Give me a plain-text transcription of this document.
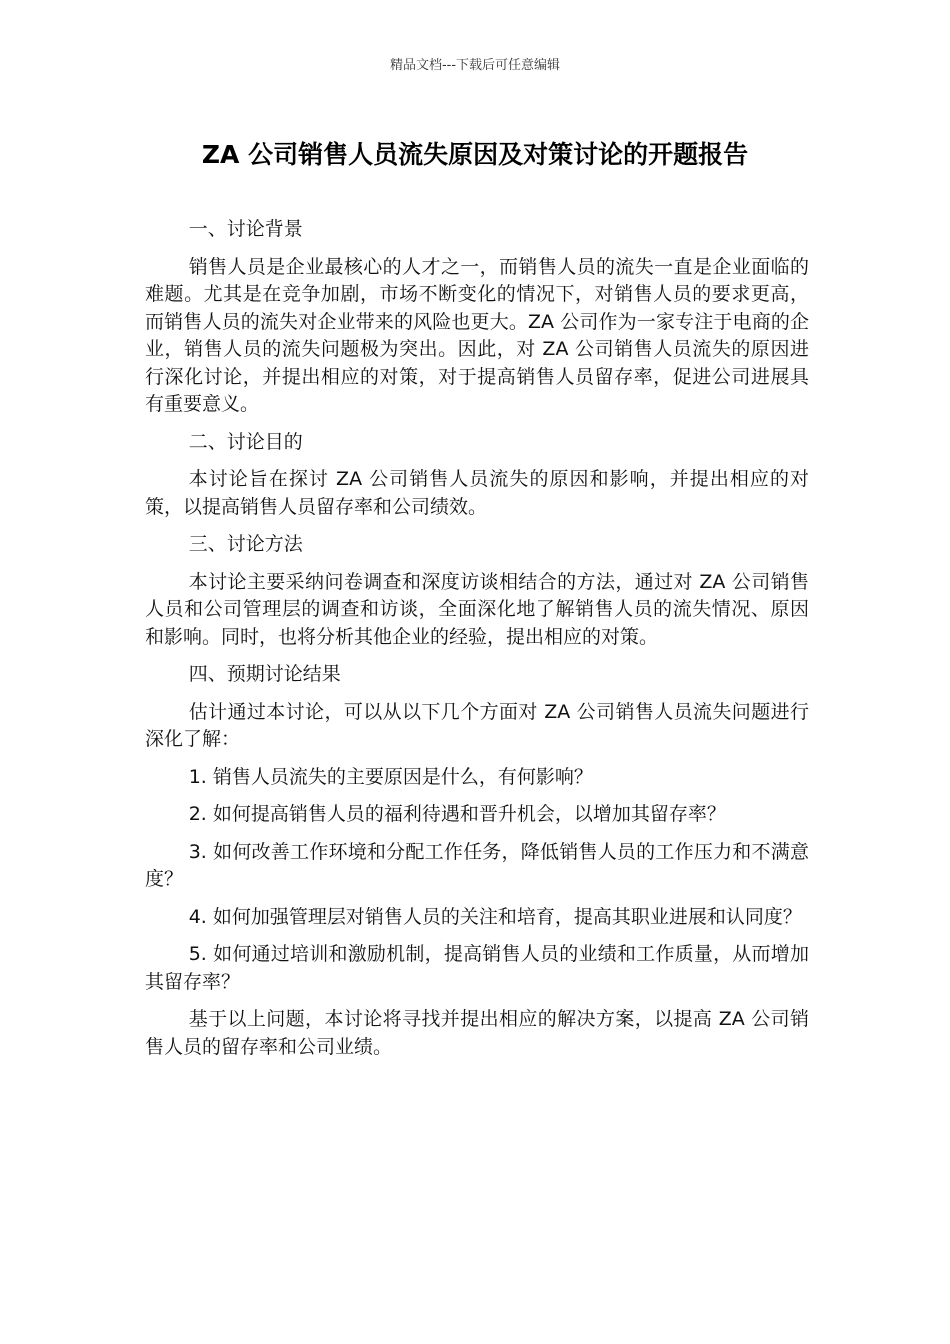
精品文档---下载后可任意编辑
ZA 公司销售人员流失原因及对策讨论的开题报告

一、讨论背景

销售人员是企业最核心的人才之一，而销售人员的流失一直是企业面临的难题。尤其是在竞争加剧，市场不断变化的情况下，对销售人员的要求更高，而销售人员的流失对企业带来的风险也更大。ZA 公司作为一家专注于电商的企业，销售人员的流失问题极为突出。因此，对 ZA 公司销售人员流失的原因进行深化讨论，并提出相应的对策，对于提高销售人员留存率，促进公司进展具有重要意义。

二、讨论目的

本讨论旨在探讨 ZA 公司销售人员流失的原因和影响，并提出相应的对策，以提高销售人员留存率和公司绩效。

三、讨论方法

本讨论主要采纳问卷调查和深度访谈相结合的方法，通过对 ZA 公司销售人员和公司管理层的调查和访谈，全面深化地了解销售人员的流失情况、原因和影响。同时，也将分析其他企业的经验，提出相应的对策。

四、预期讨论结果

估计通过本讨论，可以从以下几个方面对 ZA 公司销售人员流失问题进行深化了解：

1. 销售人员流失的主要原因是什么，有何影响？

2. 如何提高销售人员的福利待遇和晋升机会，以增加其留存率？

3. 如何改善工作环境和分配工作任务，降低销售人员的工作压力和不满意度？

4. 如何加强管理层对销售人员的关注和培育，提高其职业进展和认同度？

5. 如何通过培训和激励机制，提高销售人员的业绩和工作质量，从而增加其留存率？

基于以上问题，本讨论将寻找并提出相应的解决方案，以提高 ZA 公司销售人员的留存率和公司业绩。
